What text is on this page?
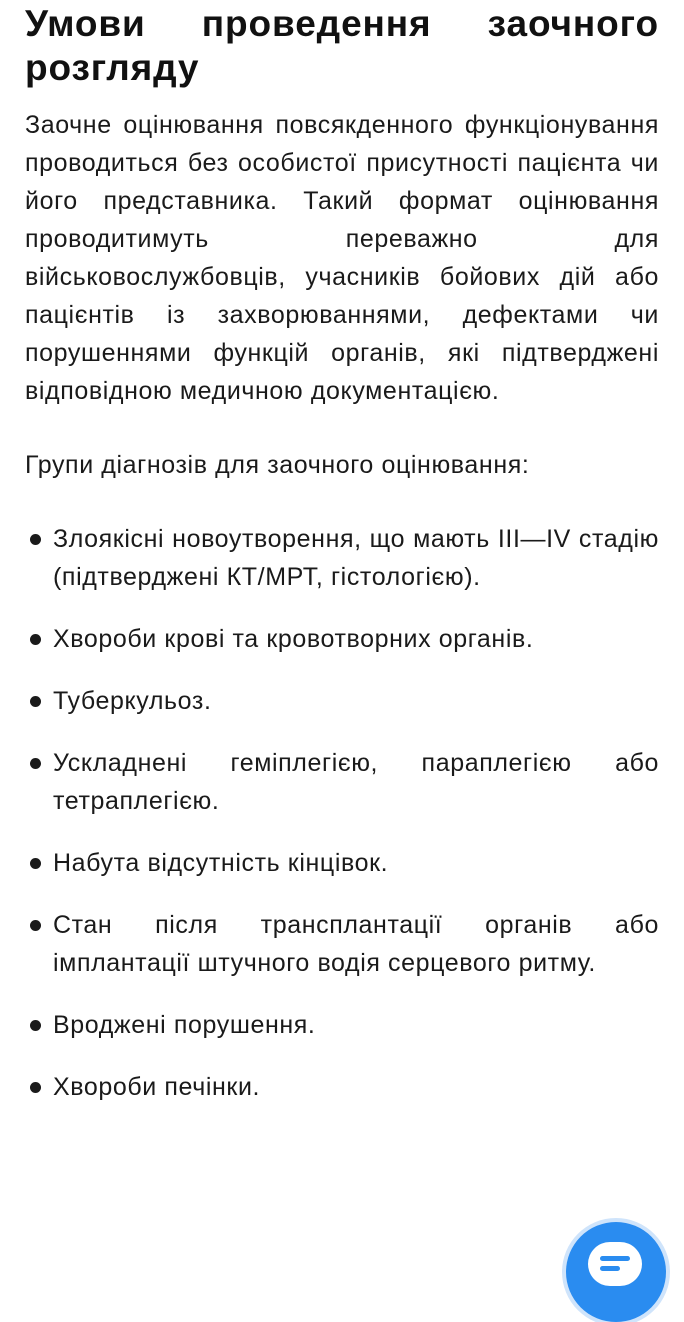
Умови проведення заочного розгляду

Заочне оцінювання повсякденного функціонування проводиться без особистої присутності пацієнта чи його представника. Такий формат оцінювання проводитимуть переважно для військовослужбовців, учасників бойових дій або пацієнтів із захворюваннями, дефектами чи порушеннями функцій органів, які підтверджені відповідною медичною документацією.

Групи діагнозів для заочного оцінювання:

Злоякісні новоутворення, що мають ІІІ—IV стадію (підтверджені КТ/МРТ, гістологією).
Хвороби крові та кровотворних органів.
Туберкульоз.
Ускладнені геміплегією, параплегією або тетраплегією.
Набута відсутність кінцівок.
Стан після трансплантації органів або імплантації штучного водія серцевого ритму.
Вроджені порушення.
Хвороби печінки.
